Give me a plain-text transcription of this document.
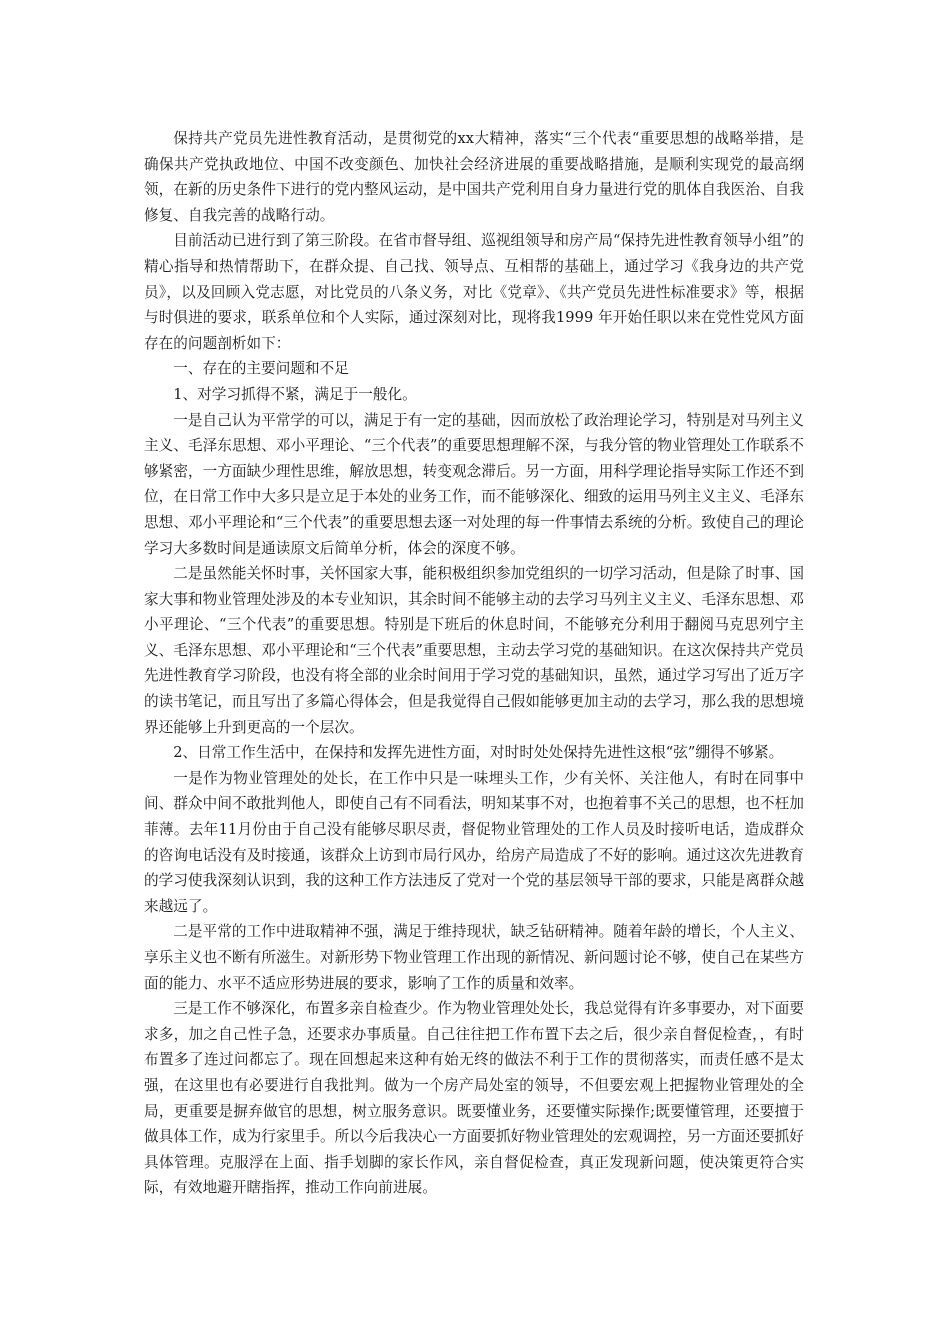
保持共产党员先进性教育活动，是贯彻党的xx大精神，落实“三个代表“重要思想的战略举措，是确保共产党执政地位、中国不改变颜色、加快社会经济进展的重要战略措施，是顺利实现党的最高纲领，在新的历史条件下进行的党内整风运动，是中国共产党利用自身力量进行党的肌体自我医治、自我修复、自我完善的战略行动。

目前活动已进行到了第三阶段。在省市督导组、巡视组领导和房产局“保持先进性教育领导小组”的精心指导和热情帮助下，在群众提、自己找、领导点、互相帮的基础上，通过学习《我身边的共产党员》，以及回顾入党志愿，对比党员的八条义务，对比《党章》、《共产党员先进性标准要求》等，根据与时俱进的要求，联系单位和个人实际，通过深刻对比，现将我1999 年开始任职以来在党性党风方面存在的问题剖析如下：

一、存在的主要问题和不足

1、对学习抓得不紧，满足于一般化。

一是自己认为平常学的可以，满足于有一定的基础，因而放松了政治理论学习，特别是对马列主义主义、毛泽东思想、邓小平理论、“三个代表”的重要思想理解不深，与我分管的物业管理处工作联系不够紧密，一方面缺少理性思维，解放思想，转变观念滞后。另一方面，用科学理论指导实际工作还不到位，在日常工作中大多只是立足于本处的业务工作，而不能够深化、细致的运用马列主义主义、毛泽东思想、邓小平理论和“三个代表”的重要思想去逐一对处理的每一件事情去系统的分析。致使自己的理论学习大多数时间是通读原文后简单分析，体会的深度不够。

二是虽然能关怀时事，关怀国家大事，能积极组织参加党组织的一切学习活动，但是除了时事、国家大事和物业管理处涉及的本专业知识，其余时间不能够主动的去学习马列主义主义、毛泽东思想、邓小平理论、“三个代表”的重要思想。特别是下班后的休息时间，不能够充分利用于翻阅马克思列宁主义、毛泽东思想、邓小平理论和“三个代表”重要思想，主动去学习党的基础知识。在这次保持共产党员先进性教育学习阶段，也没有将全部的业余时间用于学习党的基础知识，虽然，通过学习写出了近万字的读书笔记，而且写出了多篇心得体会，但是我觉得自己假如能够更加主动的去学习，那么我的思想境界还能够上升到更高的一个层次。

2、日常工作生活中，在保持和发挥先进性方面，对时时处处保持先进性这根“弦”绷得不够紧。

一是作为物业管理处的处长，在工作中只是一味埋头工作，少有关怀、关注他人，有时在同事中间、群众中间不敢批判他人，即使自己有不同看法，明知某事不对，也抱着事不关己的思想，也不枉加菲薄。去年11月份由于自己没有能够尽职尽责，督促物业管理处的工作人员及时接听电话，造成群众的咨询电话没有及时接通，该群众上访到市局行风办，给房产局造成了不好的影响。通过这次先进教育的学习使我深刻认识到，我的这种工作方法违反了党对一个党的基层领导干部的要求，只能是离群众越来越远了。

二是平常的工作中进取精神不强，满足于维持现状，缺乏钻研精神。随着年龄的增长，个人主义、享乐主义也不断有所滋生。对新形势下物业管理工作出现的新情况、新问题讨论不够，使自己在某些方面的能力、水平不适应形势进展的要求，影响了工作的质量和效率。

三是工作不够深化，布置多亲自检查少。作为物业管理处处长，我总觉得有许多事要办，对下面要求多，加之自己性子急，还要求办事质量。自己往往把工作布置下去之后，很少亲自督促检查，，有时布置多了连过问都忘了。现在回想起来这种有始无终的做法不利于工作的贯彻落实，而责任感不是太强，在这里也有必要进行自我批判。做为一个房产局处室的领导，不但要宏观上把握物业管理处的全局，更重要是摒弃做官的思想，树立服务意识。既要懂业务，还要懂实际操作;既要懂管理，还要擅于做具体工作，成为行家里手。所以今后我决心一方面要抓好物业管理处的宏观调控，另一方面还要抓好具体管理。克服浮在上面、指手划脚的家长作风，亲自督促检查，真正发现新问题，使决策更符合实际，有效地避开瞎指挥，推动工作向前进展。
